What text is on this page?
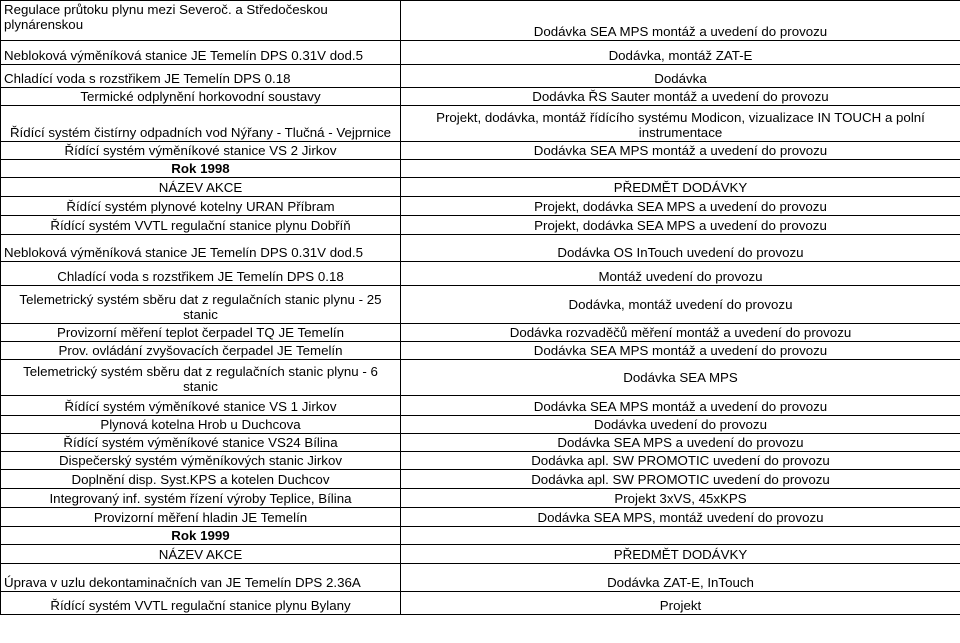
Regulace průtoku plynu mezi Severoč. a Středočeskou plynárenskou	Dodávka SEA MPS montáž a uvedení do provozu
Nebloková výměníková stanice JE Temelín DPS 0.31V dod.5	Dodávka, montáž ZAT-E
Chladící voda s rozstřikem JE Temelín DPS 0.18	Dodávka
Termické odplynění horkovodní soustavy	Dodávka ŘS Sauter montáž a uvedení do provozu
Řídící systém čistírny odpadních vod Nýřany - Tlučná - Vejprnice	Projekt, dodávka, montáž řídícího systému Modicon, vizualizace IN TOUCH a polní instrumentace
Řídící systém výměníkové stanice VS 2 Jirkov	Dodávka SEA MPS montáž a uvedení do provozu
Rok 1998	
NÁZEV AKCE	PŘEDMĚT DODÁVKY
Řídící systém plynové kotelny URAN Příbram	Projekt, dodávka SEA MPS a uvedení do provozu
Řídící systém VVTL regulační stanice plynu Dobříň	Projekt, dodávka SEA MPS a uvedení do provozu
Nebloková výměníková stanice JE Temelín DPS 0.31V dod.5	Dodávka OS InTouch uvedení do provozu
Chladící voda s rozstřikem JE Temelín DPS 0.18	Montáž uvedení do provozu
Telemetrický systém sběru dat z regulačních stanic plynu - 25 stanic	Dodávka, montáž uvedení do provozu
Provizorní měření teplot čerpadel TQ JE Temelín	Dodávka rozvaděčů měření montáž a uvedení do provozu
Prov. ovládání zvyšovacích čerpadel JE Temelín	Dodávka SEA MPS montáž a uvedení do provozu
Telemetrický systém sběru dat z regulačních stanic plynu - 6 stanic	Dodávka SEA MPS
Řídící systém výměníkové stanice VS 1 Jirkov	Dodávka SEA MPS montáž a uvedení do provozu
Plynová kotelna Hrob u Duchcova	Dodávka uvedení do provozu
Řídící systém výměníkové stanice VS24 Bílina	Dodávka SEA MPS a uvedení do provozu
Dispečerský systém výměníkových stanic Jirkov	Dodávka apl. SW PROMOTIC uvedení do provozu
Doplnění disp. Syst.KPS a kotelen Duchcov	Dodávka apl. SW PROMOTIC uvedení do provozu
Integrovaný inf. systém řízení výroby Teplice, Bílina	Projekt 3xVS, 45xKPS
Provizorní měření hladin JE Temelín	Dodávka SEA MPS, montáž uvedení do provozu
Rok 1999	
NÁZEV AKCE	PŘEDMĚT DODÁVKY
Úprava v uzlu dekontaminačních van JE Temelín DPS 2.36A	Dodávka ZAT-E, InTouch
Řídící systém VVTL regulační stanice plynu Bylany	Projekt
